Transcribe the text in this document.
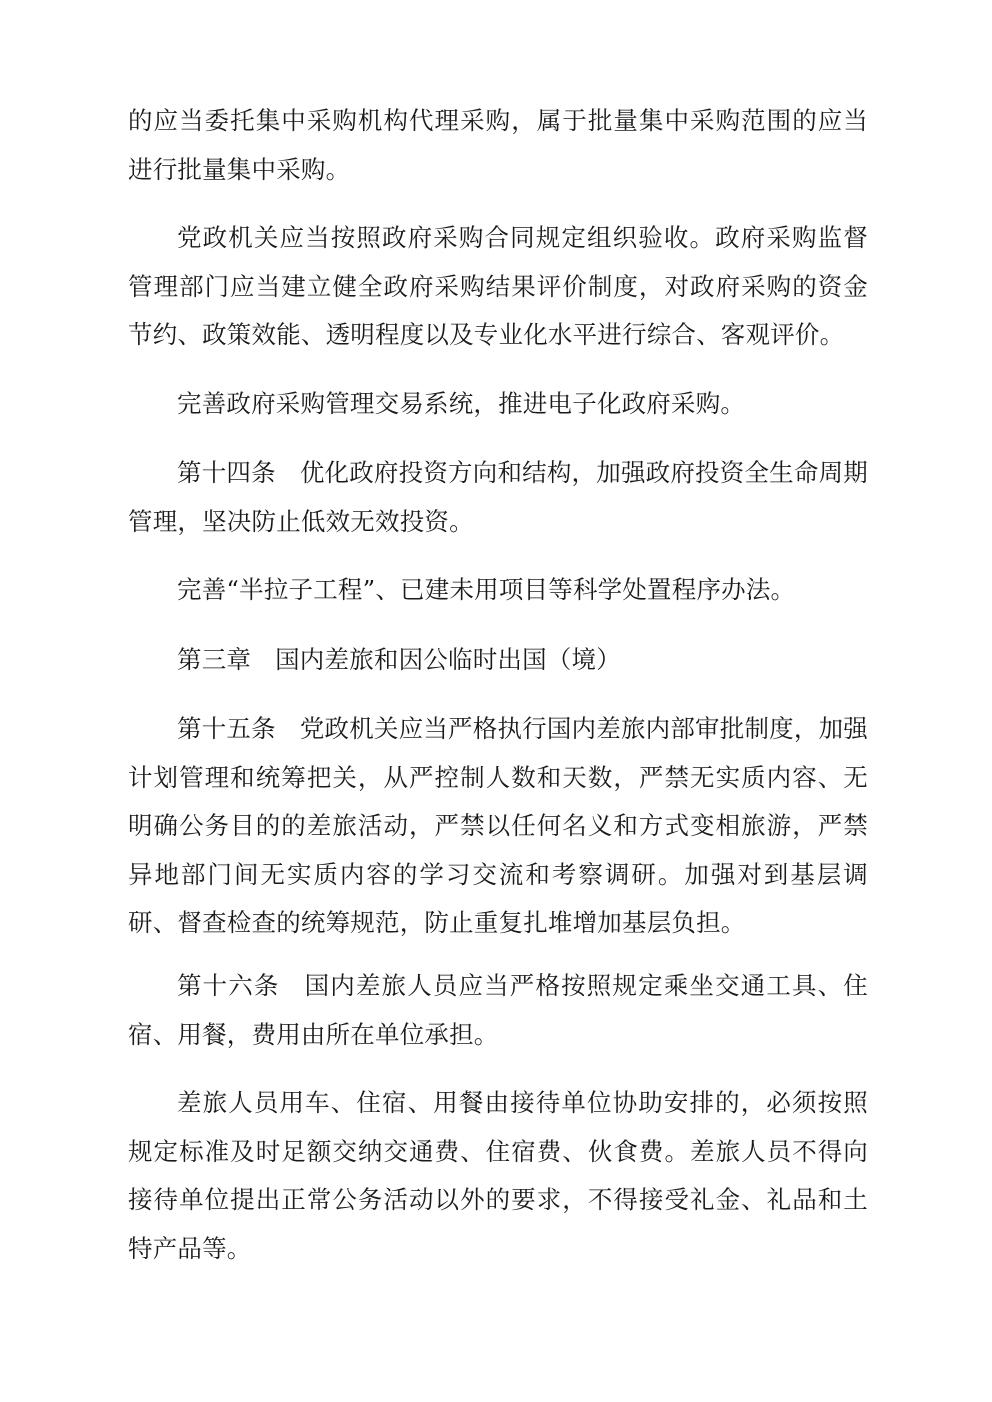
的应当委托集中采购机构代理采购，属于批量集中采购范围的应当进行批量集中采购。

党政机关应当按照政府采购合同规定组织验收。政府采购监督管理部门应当建立健全政府采购结果评价制度，对政府采购的资金节约、政策效能、透明程度以及专业化水平进行综合、客观评价。

完善政府采购管理交易系统，推进电子化政府采购。

第十四条 优化政府投资方向和结构，加强政府投资全生命周期管理，坚决防止低效无效投资。

完善“半拉子工程”、已建未用项目等科学处置程序办法。

第三章 国内差旅和因公临时出国（境）

第十五条 党政机关应当严格执行国内差旅内部审批制度，加强计划管理和统筹把关，从严控制人数和天数，严禁无实质内容、无明确公务目的的差旅活动，严禁以任何名义和方式变相旅游，严禁异地部门间无实质内容的学习交流和考察调研。加强对到基层调研、督查检查的统筹规范，防止重复扎堆增加基层负担。

第十六条 国内差旅人员应当严格按照规定乘坐交通工具、住宿、用餐，费用由所在单位承担。

差旅人员用车、住宿、用餐由接待单位协助安排的，必须按照规定标准及时足额交纳交通费、住宿费、伙食费。差旅人员不得向接待单位提出正常公务活动以外的要求，不得接受礼金、礼品和土特产品等。
